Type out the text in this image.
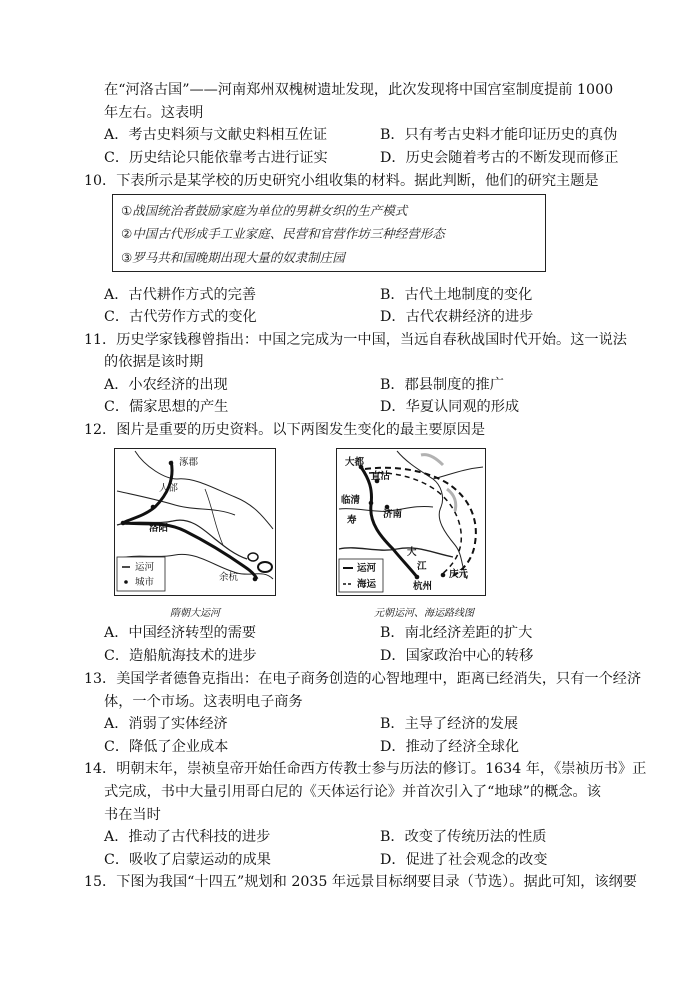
在“河洛古国”——河南郑州双槐树遗址发现，此次发现将中国宫室制度提前 1000
年左右。这表明
A．考古史料须与文献史料相互佐证	B．只有考古史料才能印证历史的真伪
C．历史结论只能依靠考古进行证实	D．历史会随着考古的不断发现而修正
10．下表所示是某学校的历史研究小组收集的材料。据此判断，他们的研究主题是
①战国统治者鼓励家庭为单位的男耕女织的生产模式
②中国古代形成手工业家庭、民营和官营作坊三种经营形态
③罗马共和国晚期出现大量的奴隶制庄园
A．古代耕作方式的完善	B．古代土地制度的变化
C．古代劳作方式的变化	D．古代农耕经济的进步
11．历史学家钱穆曾指出：中国之完成为一中国，当远自春秋战国时代开始。这一说法
的依据是该时期
A．小农经济的出现	B．郡县制度的推广
C．儒家思想的产生	D．华夏认同观的形成
12．图片是重要的历史资料。以下两图发生变化的最主要原因是
涿郡
人郃
洛阳
余杭
运河
城市
隋朝大运河
大都
直沽
临清
济南
寿
大
江
杭州
庆元
运河
海运
元朝运河、海运路线图
A．中国经济转型的需要	B．南北经济差距的扩大
C．造船航海技术的进步	D．国家政治中心的转移
13．美国学者德鲁克指出：在电子商务创造的心智地理中，距离已经消失，只有一个经济
体，一个市场。这表明电子商务
A．消弱了实体经济	B．主导了经济的发展
C．降低了企业成本	D．推动了经济全球化
14．明朝末年，崇祯皇帝开始任命西方传教士参与历法的修订。1634 年，《崇祯历书》正
式完成，书中大量引用哥白尼的《天体运行论》并首次引入了“地球”的概念。该
书在当时
A．推动了古代科技的进步	B．改变了传统历法的性质
C．吸收了启蒙运动的成果	D．促进了社会观念的改变
15．下图为我国“十四五”规划和 2035 年远景目标纲要目录（节选）。据此可知，该纲要
